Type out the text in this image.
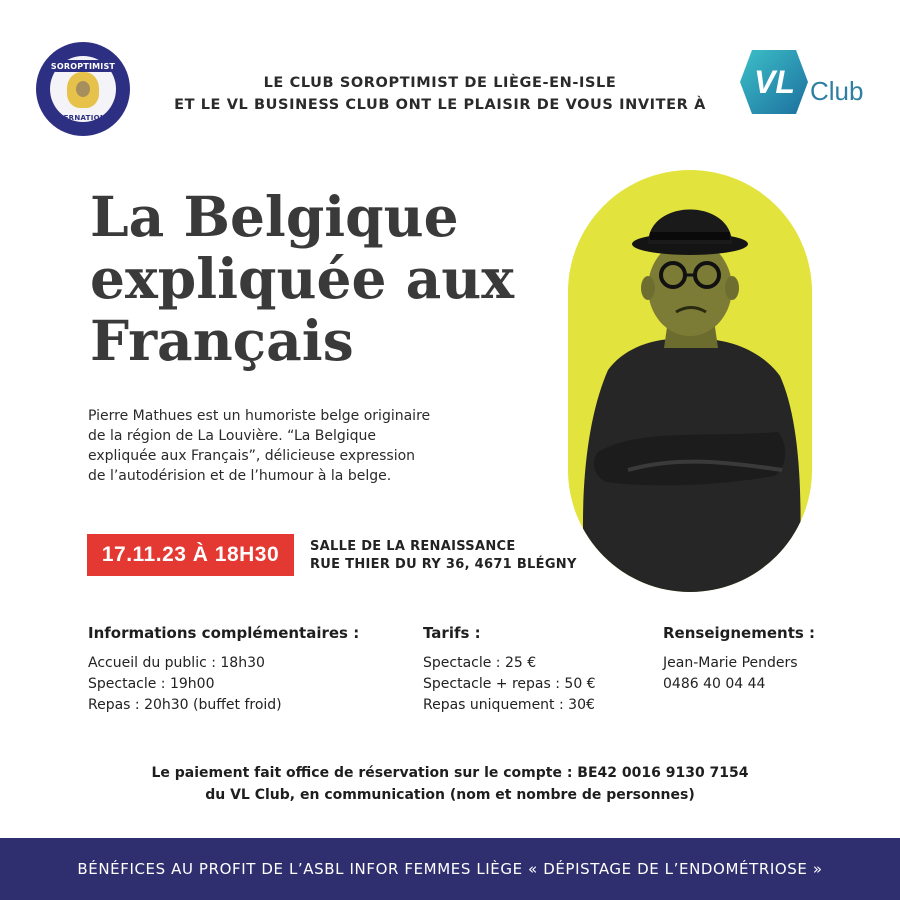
SOROPTIMIST
INTERNATIONAL
LE CLUB SOROPTIMIST DE LIÈGE-EN-ISLE
ET LE VL BUSINESS CLUB ONT LE PLAISIR DE VOUS INVITER À
VL Club
La Belgique
expliquée aux
Français
Pierre Mathues est un humoriste belge originaire
de la région de La Louvière. “La Belgique
expliquée aux Français”, délicieuse expression
de l’autodérision et de l’humour à la belge.
17.11.23 À 18H30	SALLE DE LA RENAISSANCE
RUE THIER DU RY 36, 4671 BLÉGNY
Informations complémentaires :
Accueil du public : 18h30
Spectacle : 19h00
Repas : 20h30 (buffet froid)
Tarifs :
Spectacle : 25 €
Spectacle + repas : 50 €
Repas uniquement : 30€
Renseignements :
Jean-Marie Penders
0486 40 04 44
Le paiement fait office de réservation sur le compte : BE42 0016 9130 7154
du VL Club, en communication (nom et nombre de personnes)
BÉNÉFICES AU PROFIT DE L’ASBL INFOR FEMMES LIÈGE « DÉPISTAGE DE L’ENDOMÉTRIOSE »
